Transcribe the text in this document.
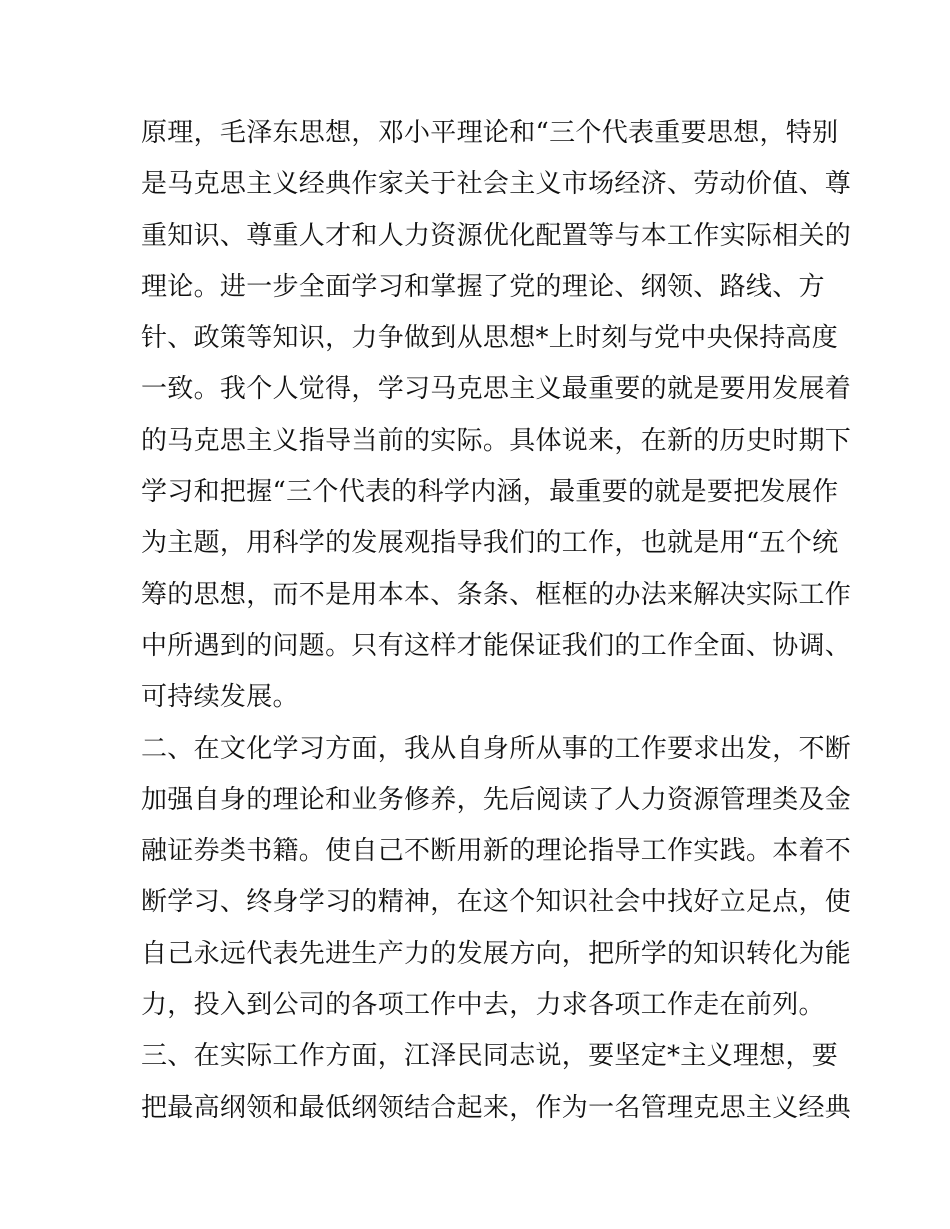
原理，毛泽东思想，邓小平理论和“三个代表重要思想，特别
是马克思主义经典作家关于社会主义市场经济、劳动价值、尊
重知识、尊重人才和人力资源优化配置等与本工作实际相关的
理论。进一步全面学习和掌握了党的理论、纲领、路线、方
针、政策等知识，力争做到从思想*上时刻与党中央保持高度
一致。我个人觉得，学习马克思主义最重要的就是要用发展着
的马克思主义指导当前的实际。具体说来，在新的历史时期下
学习和把握“三个代表的科学内涵，最重要的就是要把发展作
为主题，用科学的发展观指导我们的工作，也就是用“五个统
筹的思想，而不是用本本、条条、框框的办法来解决实际工作
中所遇到的问题。只有这样才能保证我们的工作全面、协调、
可持续发展。
二、在文化学习方面，我从自身所从事的工作要求出发，不断
加强自身的理论和业务修养，先后阅读了人力资源管理类及金
融证券类书籍。使自己不断用新的理论指导工作实践。本着不
断学习、终身学习的精神，在这个知识社会中找好立足点，使
自己永远代表先进生产力的发展方向，把所学的知识转化为能
力，投入到公司的各项工作中去，力求各项工作走在前列。
三、在实际工作方面，江泽民同志说，要坚定*主义理想，要
把最高纲领和最低纲领结合起来，作为一名管理克思主义经典
